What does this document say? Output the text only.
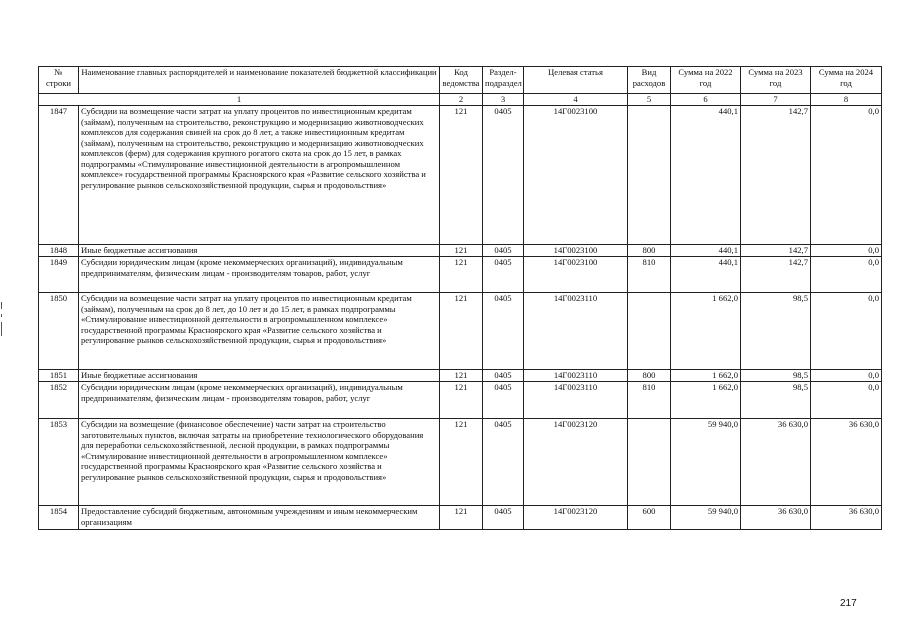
№ строки	Наименование главных распорядителей и наименование показателей бюджетной классификации	Код ведомства	Раздел-подраздел	Целевая статья	Вид расходов	Сумма на 2022 год	Сумма на 2023 год	Сумма на 2024 год
1		2	3	4	5	6	7	8
1847	Субсидии на возмещение части затрат на уплату процентов по инвестиционным кредитам (займам), полученным на строительство, реконструкцию и модернизацию животноводческих комплексов для содержания свиней на срок до 8 лет, а также инвестиционным кредитам (займам), полученным на строительство, реконструкцию и модернизацию животноводческих комплексов (ферм) для содержания крупного рогатого скота на срок до 15 лет, в рамках подпрограммы «Стимулирование инвестиционной деятельности в агропромышленном комплексе» государственной программы Красноярского края «Развитие сельского хозяйства и регулирование рынков сельскохозяйственной продукции, сырья и продовольствия»	121	0405	14Г0023100		440,1	142,7	0,0
1848	Иные бюджетные ассигнования	121	0405	14Г0023100	800	440,1	142,7	0,0
1849	Субсидии юридическим лицам (кроме некоммерческих организаций), индивидуальным предпринимателям, физическим лицам - производителям товаров, работ, услуг	121	0405	14Г0023100	810	440,1	142,7	0,0
1850	Субсидии на возмещение части затрат на уплату процентов по инвестиционным кредитам (займам), полученным на срок до 8 лет, до 10 лет и до 15 лет, в рамках подпрограммы «Стимулирование инвестиционной деятельности в агропромышленном комплексе» государственной программы Красноярского края «Развитие сельского хозяйства и регулирование рынков сельскохозяйственной продукции, сырья и продовольствия»	121	0405	14Г0023110		1 662,0	98,5	0,0
1851	Иные бюджетные ассигнования	121	0405	14Г0023110	800	1 662,0	98,5	0,0
1852	Субсидии юридическим лицам (кроме некоммерческих организаций), индивидуальным предпринимателям, физическим лицам - производителям товаров, работ, услуг	121	0405	14Г0023110	810	1 662,0	98,5	0,0
1853	Субсидии на возмещение (финансовое обеспечение) части затрат на строительство заготовительных пунктов, включая затраты на приобретение технологического оборудования для переработки сельскохозяйственной, лесной продукции, в рамках подпрограммы «Стимулирование инвестиционной деятельности в агропромышленном комплексе» государственной программы Красноярского края «Развитие сельского хозяйства и регулирование рынков сельскохозяйственной продукции, сырья и продовольствия»	121	0405	14Г0023120		59 940,0	36 630,0	36 630,0
1854	Предоставление субсидий бюджетным, автономным учреждениям и иным некоммерческим организациям	121	0405	14Г0023120	600	59 940,0	36 630,0	36 630,0
217
